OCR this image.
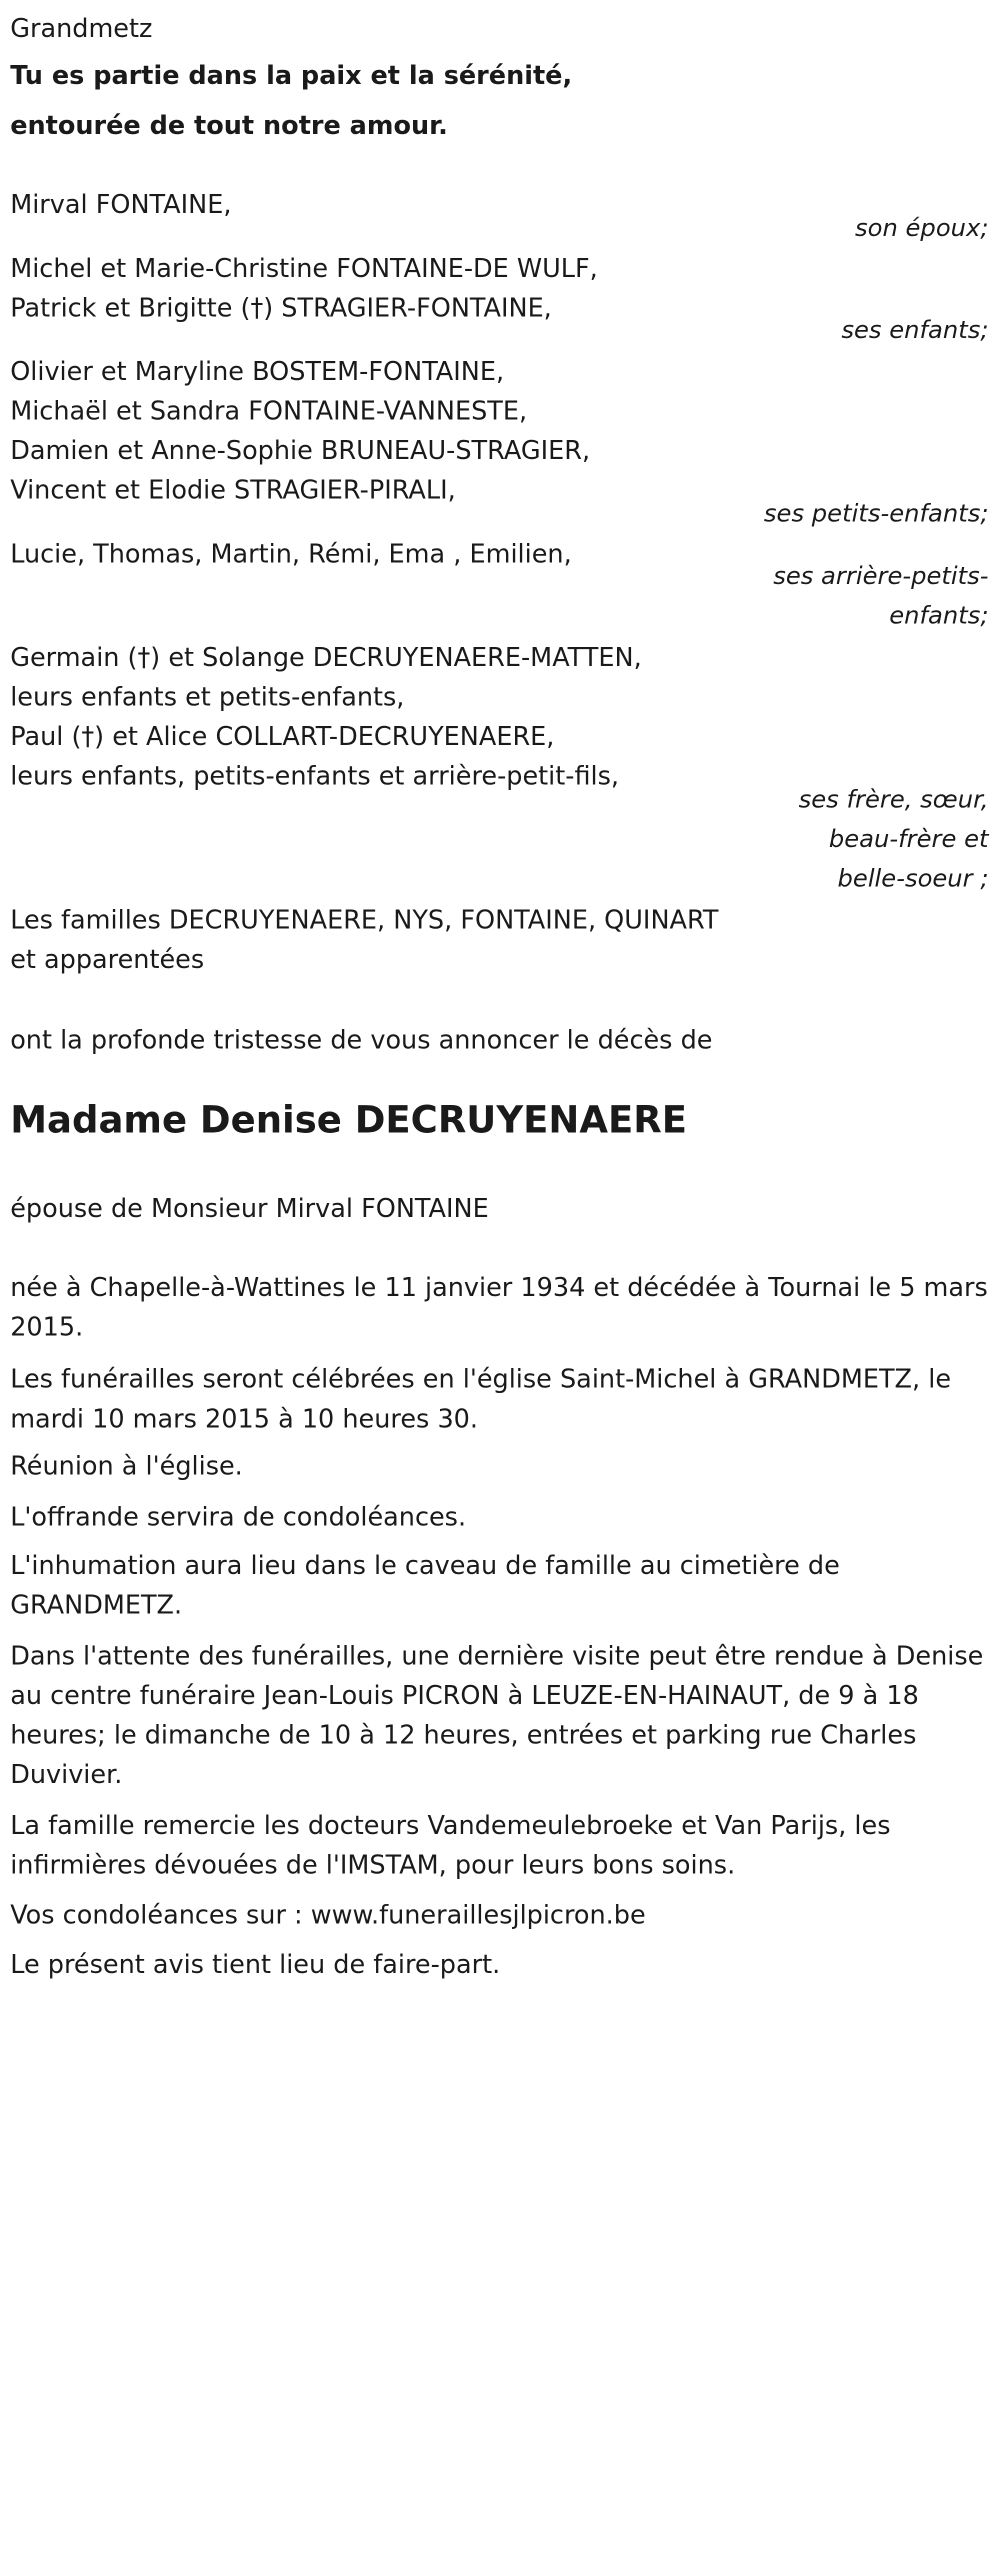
Grandmetz
Tu es partie dans la paix et la sérénité,
entourée de tout notre amour.
Mirval FONTAINE,
son époux;
Michel et Marie-Christine FONTAINE-DE WULF,
Patrick et Brigitte (†) STRAGIER-FONTAINE,
ses enfants;
Olivier et Maryline BOSTEM-FONTAINE,
Michaël et Sandra FONTAINE-VANNESTE,
Damien et Anne-Sophie BRUNEAU-STRAGIER,
Vincent et Elodie STRAGIER-PIRALI,
ses petits-enfants;
Lucie, Thomas, Martin, Rémi, Ema , Emilien,
ses arrière-petits-
enfants;
Germain (†) et Solange DECRUYENAERE-MATTEN,
leurs enfants et petits-enfants,
Paul (†) et Alice COLLART-DECRUYENAERE,
leurs enfants, petits-enfants et arrière-petit-fils,
ses frère, sœur,
beau-frère et
belle-soeur ;
Les familles DECRUYENAERE, NYS, FONTAINE, QUINART
et apparentées
ont la profonde tristesse de vous annoncer le décès de
Madame Denise DECRUYENAERE
épouse de Monsieur Mirval FONTAINE
née à Chapelle-à-Wattines le 11 janvier 1934 et décédée à Tournai le 5 mars 2015.
Les funérailles seront célébrées en l'église Saint-Michel à GRANDMETZ, le mardi 10 mars 2015 à 10 heures 30.
Réunion à l'église.
L'offrande servira de condoléances.
L'inhumation aura lieu dans le caveau de famille au cimetière de GRANDMETZ.
Dans l'attente des funérailles, une dernière visite peut être rendue à Denise au centre funéraire Jean-Louis PICRON à LEUZE-EN-HAINAUT, de 9 à 18 heures; le dimanche de 10 à 12 heures, entrées et parking rue Charles Duvivier.
La famille remercie les docteurs Vandemeulebroeke et Van Parijs, les infirmières dévouées de l'IMSTAM, pour leurs bons soins.
Vos condoléances sur : www.funeraillesjlpicron.be
Le présent avis tient lieu de faire-part.
